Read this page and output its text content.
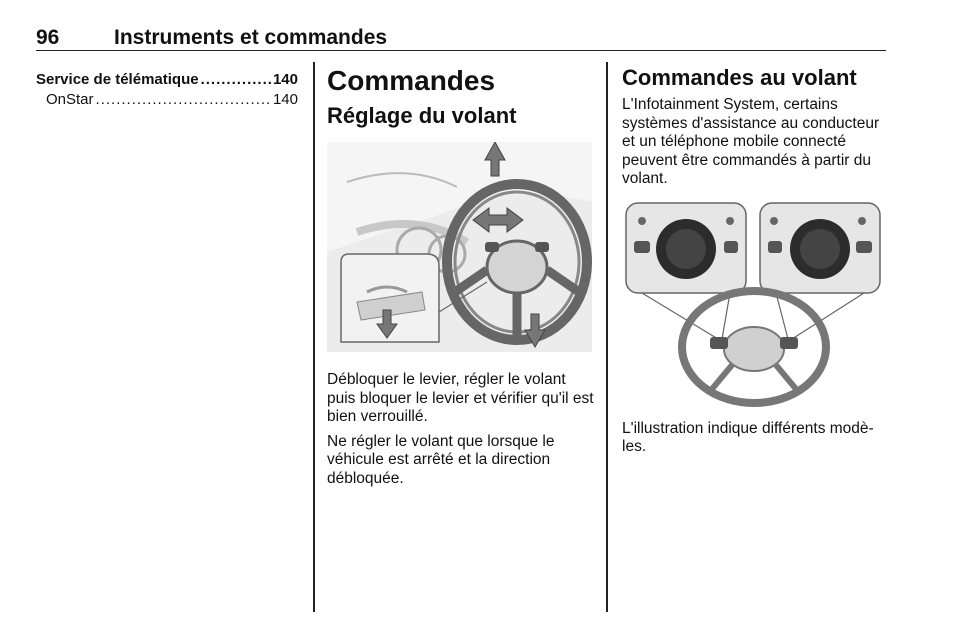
96	Instruments et commandes
Service de télématique .....	140
OnStar .....	140
Commandes
Réglage du volant

Débloquer le levier, régler le volant puis bloquer le levier et vérifier qu'il est bien verrouillé.

Ne régler le volant que lorsque le véhicule est arrêté et la direction débloquée.

Commandes au volant

L'Infotainment System, certains systèmes d'assistance au conducteur et un téléphone mobile connecté peuvent être commandés à partir du volant.

L'illustration indique différents modè-les.
